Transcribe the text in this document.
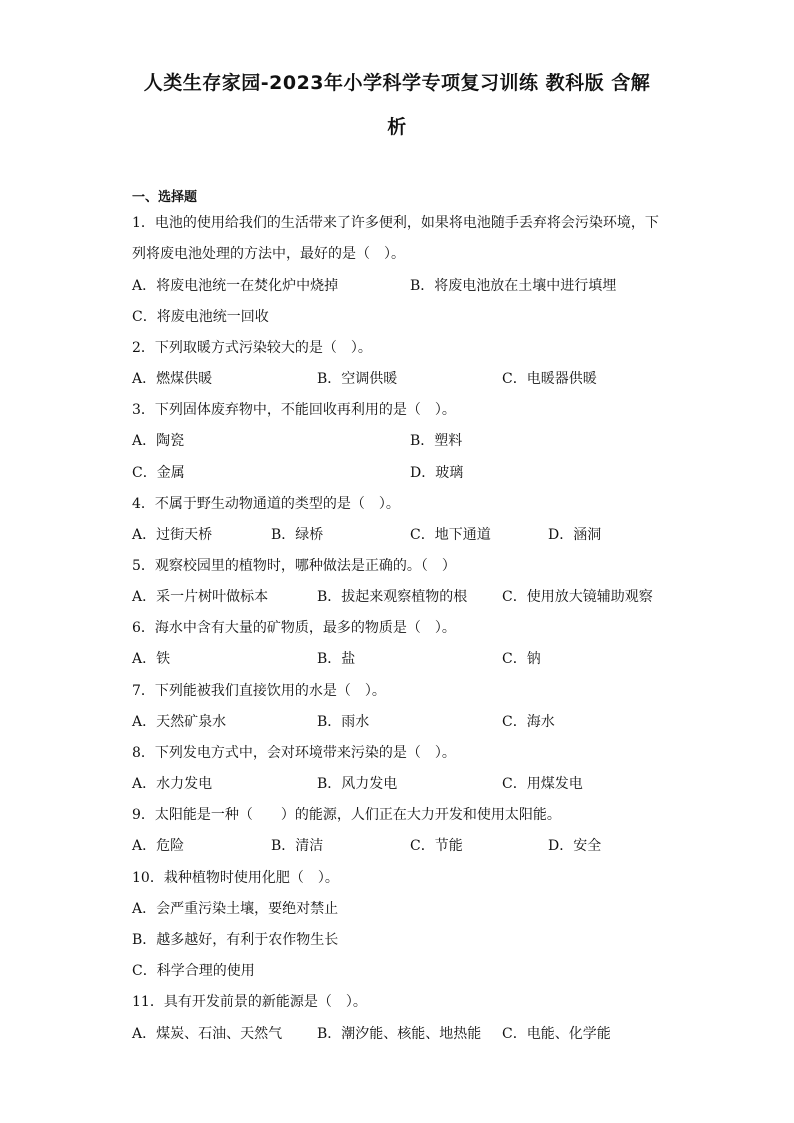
人类生存家园-2023年小学科学专项复习训练 教科版 含解
析
一、选择题
1．电池的使用给我们的生活带来了许多便利，如果将电池随手丢弃将会污染环境，下
列将废电池处理的方法中，最好的是（　）。
A．将废电池统一在焚化炉中烧掉	B．将废电池放在土壤中进行填埋
C．将废电池统一回收
2．下列取暖方式污染较大的是（　）。
A．燃煤供暖	B．空调供暖	C．电暖器供暖
3．下列固体废弃物中，不能回收再利用的是（　）。
A．陶瓷	B．塑料
C．金属	D．玻璃
4．不属于野生动物通道的类型的是（　）。
A．过街天桥	B．绿桥	C．地下通道	D．涵洞
5．观察校园里的植物时，哪种做法是正确的。（　）
A．采一片树叶做标本	B．拔起来观察植物的根 C．使用放大镜辅助观察
6．海水中含有大量的矿物质，最多的物质是（　）。
A．铁	B．盐	C．钠
7．下列能被我们直接饮用的水是（　）。
A．天然矿泉水	B．雨水	C．海水
8．下列发电方式中，会对环境带来污染的是（　）。
A．水力发电	B．风力发电	C．用煤发电
9．太阳能是一种（　　）的能源，人们正在大力开发和使用太阳能。
A．危险	B．清洁	C．节能	D．安全
10．栽种植物时使用化肥（　）。
A．会严重污染土壤，要绝对禁止
B．越多越好，有利于农作物生长
C．科学合理的使用
11．具有开发前景的新能源是（　）。
A．煤炭、石油、天然气 B．潮汐能、核能、地热能 C．电能、化学能
